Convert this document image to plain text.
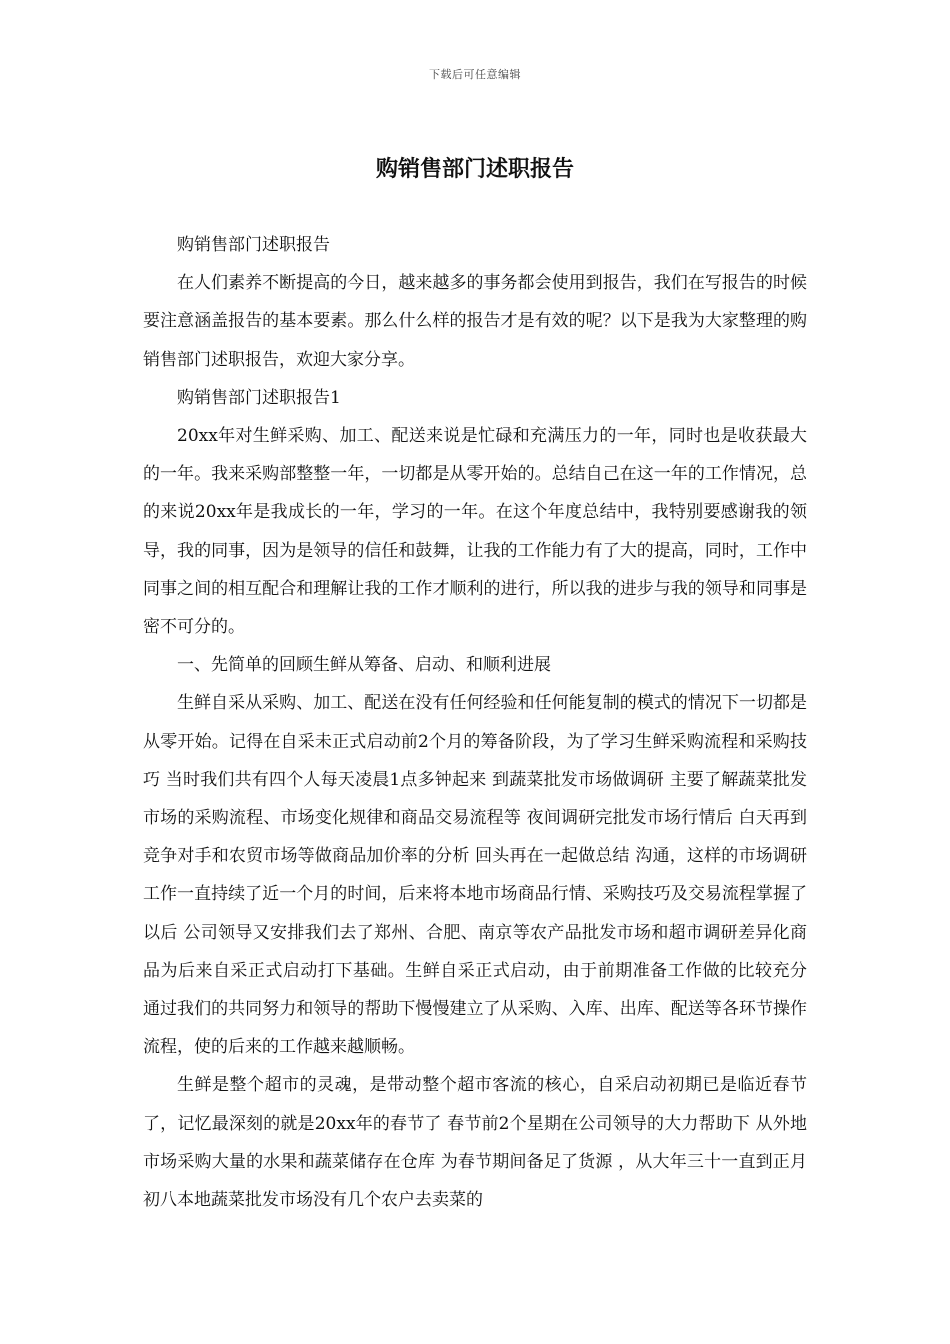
下载后可任意编辑
购销售部门述职报告

购销售部门述职报告

在人们素养不断提高的今日，越来越多的事务都会使用到报告，我们在写报告的时候要注意涵盖报告的基本要素。那么什么样的报告才是有效的呢？以下是我为大家整理的购销售部门述职报告，欢迎大家分享。

购销售部门述职报告1

20xx年对生鲜采购、加工、配送来说是忙碌和充满压力的一年，同时也是收获最大的一年。我来采购部整整一年，一切都是从零开始的。总结自己在这一年的工作情况，总的来说20xx年是我成长的一年，学习的一年。在这个年度总结中，我特别要感谢我的领导，我的同事，因为是领导的信任和鼓舞，让我的工作能力有了大的提高，同时，工作中同事之间的相互配合和理解让我的工作才顺利的进行，所以我的进步与我的领导和同事是密不可分的。

一、先简单的回顾生鲜从筹备、启动、和顺利进展

生鲜自采从采购、加工、配送在没有任何经验和任何能复制的模式的情况下一切都是从零开始。记得在自采未正式启动前2个月的筹备阶段，为了学习生鲜采购流程和采购技巧 当时我们共有四个人每天凌晨1点多钟起来 到蔬菜批发市场做调研 主要了解蔬菜批发市场的采购流程、市场变化规律和商品交易流程等 夜间调研完批发市场行情后 白天再到竞争对手和农贸市场等做商品加价率的分析 回头再在一起做总结 沟通，这样的市场调研工作一直持续了近一个月的时间，后来将本地市场商品行情、采购技巧及交易流程掌握了以后 公司领导又安排我们去了郑州、合肥、南京等农产品批发市场和超市调研差异化商品为后来自采正式启动打下基础。生鲜自采正式启动，由于前期准备工作做的比较充分 通过我们的共同努力和领导的帮助下慢慢建立了从采购、入库、出库、配送等各环节操作流程，使的后来的工作越来越顺畅。

生鲜是整个超市的灵魂，是带动整个超市客流的核心，自采启动初期已是临近春节了，记忆最深刻的就是20xx年的春节了 春节前2个星期在公司领导的大力帮助下 从外地市场采购大量的水果和蔬菜储存在仓库 为春节期间备足了货源 ，从大年三十一直到正月初八本地蔬菜批发市场没有几个农户去卖菜的
